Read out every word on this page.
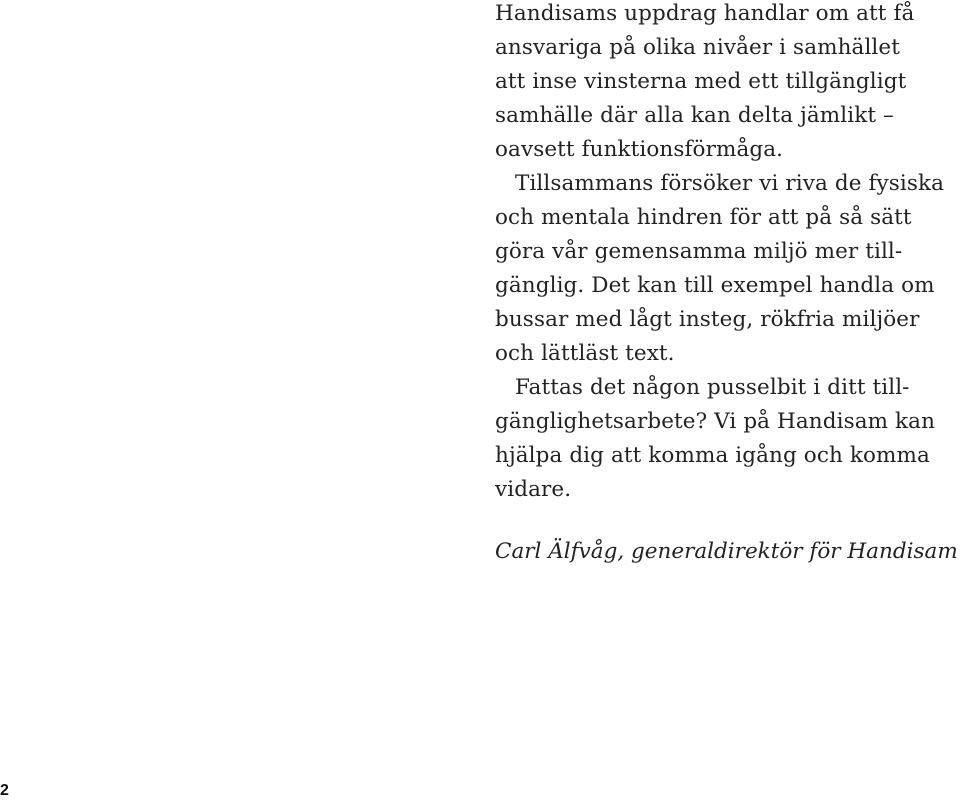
Handisams uppdrag handlar om att få
ansvariga på olika nivåer i samhället
att inse vinsterna med ett tillgängligt
samhälle där alla kan delta jämlikt –
oavsett funktionsförmåga.
Tillsammans försöker vi riva de fysiska
och mentala hindren för att på så sätt
göra vår gemensamma miljö mer till-
gänglig. Det kan till exempel handla om
bussar med lågt insteg, rökfria miljöer
och lättläst text.
Fattas det någon pusselbit i ditt till-
gänglighetsarbete? Vi på Handisam kan
hjälpa dig att komma igång och komma
vidare.
Carl Älfvåg, generaldirektör för Handisam
2
